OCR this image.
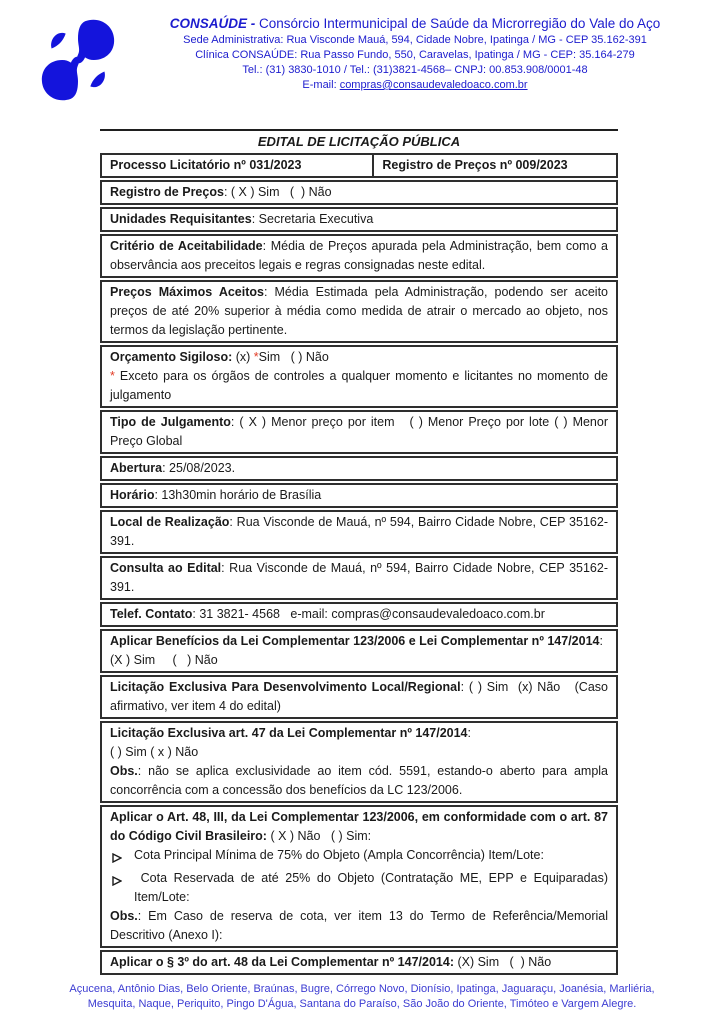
CONSAÚDE - Consórcio Intermunicipal de Saúde da Microrregião do Vale do Aço
Sede Administrativa: Rua Visconde Mauá, 594, Cidade Nobre, Ipatinga / MG - CEP 35.162-391
Clínica CONSAÚDE: Rua Passo Fundo, 550, Caravelas, Ipatinga / MG - CEP: 35.164-279
Tel.: (31) 3830-1010 / Tel.: (31)3821-4568– CNPJ: 00.853.908/0001-48
E-mail: compras@consaudevaledoaco.com.br
EDITAL DE LICITAÇÃO PÚBLICA
Processo Licitatório nº 031/2023	Registro de Preços nº 009/2023
Registro de Preços: ( X ) Sim   (  ) Não
Unidades Requisitantes: Secretaria Executiva
Critério de Aceitabilidade: Média de Preços apurada pela Administração, bem como a observância aos preceitos legais e regras consignadas neste edital.
Preços Máximos Aceitos: Média Estimada pela Administração, podendo ser aceito preços de até 20% superior à média como medida de atrair o mercado ao objeto, nos termos da legislação pertinente.
Orçamento Sigiloso: (x) *Sim   ( ) Não
* Exceto para os órgãos de controles a qualquer momento e licitantes no momento de julgamento
Tipo de Julgamento: ( X ) Menor preço por item   ( ) Menor Preço por lote ( ) Menor Preço Global
Abertura: 25/08/2023.
Horário: 13h30min horário de Brasília
Local de Realização: Rua Visconde de Mauá, nº 594, Bairro Cidade Nobre, CEP 35162-391.
Consulta ao Edital: Rua Visconde de Mauá, nº 594, Bairro Cidade Nobre, CEP 35162-391.
Telef. Contato: 31 3821- 4568   e-mail: compras@consaudevaledoaco.com.br
Aplicar Benefícios da Lei Complementar 123/2006 e Lei Complementar nº 147/2014:
(X ) Sim     (   ) Não
Licitação Exclusiva Para Desenvolvimento Local/Regional: ( ) Sim  (x) Não   (Caso afirmativo, ver item 4 do edital)
Licitação Exclusiva art. 47 da Lei Complementar nº 147/2014:
( ) Sim ( x ) Não
Obs.: não se aplica exclusividade ao item cód. 5591, estando-o aberto para ampla concorrência com a concessão dos benefícios da LC 123/2006.
Aplicar o Art. 48, III, da Lei Complementar 123/2006, em conformidade com o art. 87 do Código Civil Brasileiro: ( X ) Não   ( ) Sim:
Cota Principal Mínima de 75% do Objeto (Ampla Concorrência) Item/Lote:
Cota Reservada de até 25% do Objeto (Contratação ME, EPP e Equiparadas) Item/Lote:
Obs.: Em Caso de reserva de cota, ver item 13 do Termo de Referência/Memorial Descritivo (Anexo I):
Aplicar o § 3º do art. 48 da Lei Complementar nº 147/2014: (X) Sim   (  ) Não
Açucena, Antônio Dias, Belo Oriente, Braúnas, Bugre, Córrego Novo, Dionísio, Ipatinga, Jaguaraçu, Joanésia, Marliéria, Mesquita, Naque, Periquito, Pingo D'Água, Santana do Paraíso, São João do Oriente, Timóteo e Vargem Alegre.
